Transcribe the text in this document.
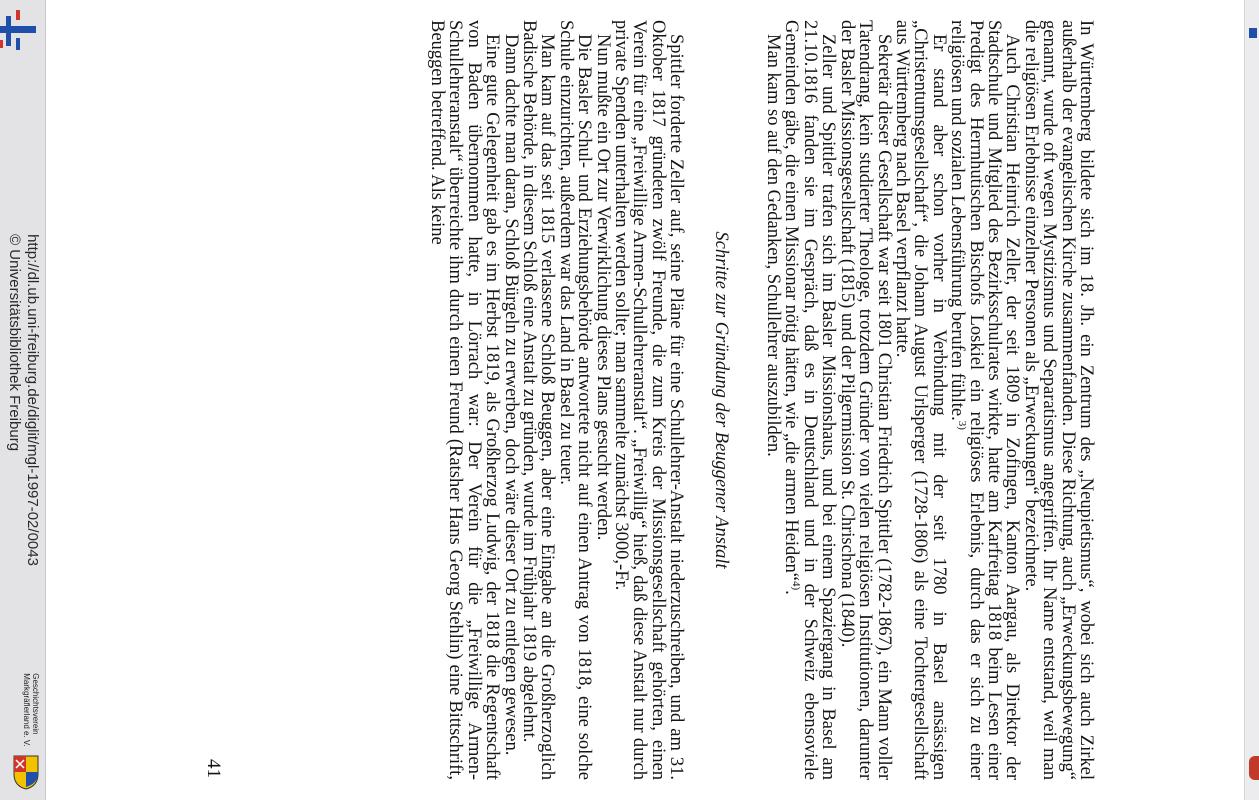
http://dl.ub.uni-freiburg.de/diglit/mgl-1997-02/0043
© Universitätsbibliothek Freiburg
Geschichtsverein
Markgräflerland e. V.	In Württemberg bildete sich im 18. Jh. ein Zentrum des „Neupietismus“, wobei sich auch Zirkel außerhalb der evangelischen Kirche zusammenfanden. Diese Richtung, auch „Erweckungsbewegung“ genannt, wurde oft wegen Mystizismus und Separatismus angegriffen. Ihr Name entstand, weil man die religiösen Erlebnisse einzelner Personen als „Erweckungen“ bezeichnete.

Auch Christian Heinrich Zeller, der seit 1809 in Zofingen, Kanton Aargau, als Direktor der Stadtschule und Mitglied des Bezirksschulrates wirkte, hatte am Karfreitag 1818 beim Lesen einer Predigt des Herrnhutischen Bischofs Loskiel ein religiöses Erlebnis, durch das er sich zu einer religiösen und sozialen Lebensführung berufen fühlte.$^{3)}$

Er stand aber schon vorher in Verbindung mit der seit 1780 in Basel ansässigen „Christentumsgesellschaft“, die Johann August Urlsperger (1728-1806) als eine Tochtergesellschaft aus Württemberg nach Basel verpflanzt hatte.

Sekretär dieser Gesellschaft war seit 1801 Christian Friedrich Spittler (1782-1867), ein Mann voller Tatendrang, kein studierter Theologe, trotzdem Gründer von vielen religiösen Institutionen, darunter der Basler Missionsgesellschaft (1815) und der Pilgermission St. Chrischona (1840).

Zeller und Spittler trafen sich im Basler Missionshaus, und bei einem Spaziergang in Basel am 21.10.1816 fanden sie im Gespräch, daß es in Deutschland und in der Schweiz ebensoviele Gemeinden gäbe, die einen Missionar nötig hätten, wie „die armen Heiden“$^{4)}$.

Man kam so auf den Gedanken, Schullehrer auszubilden.

Schritte zur Gründung der Beuggener Anstalt

Spittler forderte Zeller auf, seine Pläne für eine Schullehrer-Anstalt niederzuschreiben, und am 31. Oktober 1817 gründeten zwölf Freunde, die zum Kreis der Missionsgesellschaft gehörten, einen Verein für eine „Freiwillige Armen-Schullehreranstalt“. „Freiwillig“ hieß, daß diese Anstalt nur durch private Spenden unterhalten werden sollte; man sammelte zunächst 3000,-Fr.

Nun mußte ein Ort zur Verwirklichung dieses Plans gesucht werden.

Die Basler Schul- und Erziehungsbehörde antwortete nicht auf einen Antrag von 1818, eine solche Schule einzurichten, außerdem war das Land in Basel zu teuer.

Man kam auf das seit 1815 verlassene Schloß Beuggen, aber eine Eingabe an die Großherzoglich Badische Behörde, in diesem Schloß eine Anstalt zu gründen, wurde im Frühjahr 1819 abgelehnt.

Dann dachte man daran, Schloß Bürgeln zu erwerben, doch wäre dieser Ort zu entlegen gewesen.

Eine gute Gelegenheit gab es im Herbst 1819, als Großherzog Ludwig, der 1818 die Regentschaft von Baden übernommen hatte, in Lörrach war: Der Verein für die „Freiwillige Armen-Schullehreranstalt“ überreichte ihm durch einen Freund (Ratsher Hans Georg Stehlin) eine Bittschrift, Beuggen betreffend. Als keine

41
